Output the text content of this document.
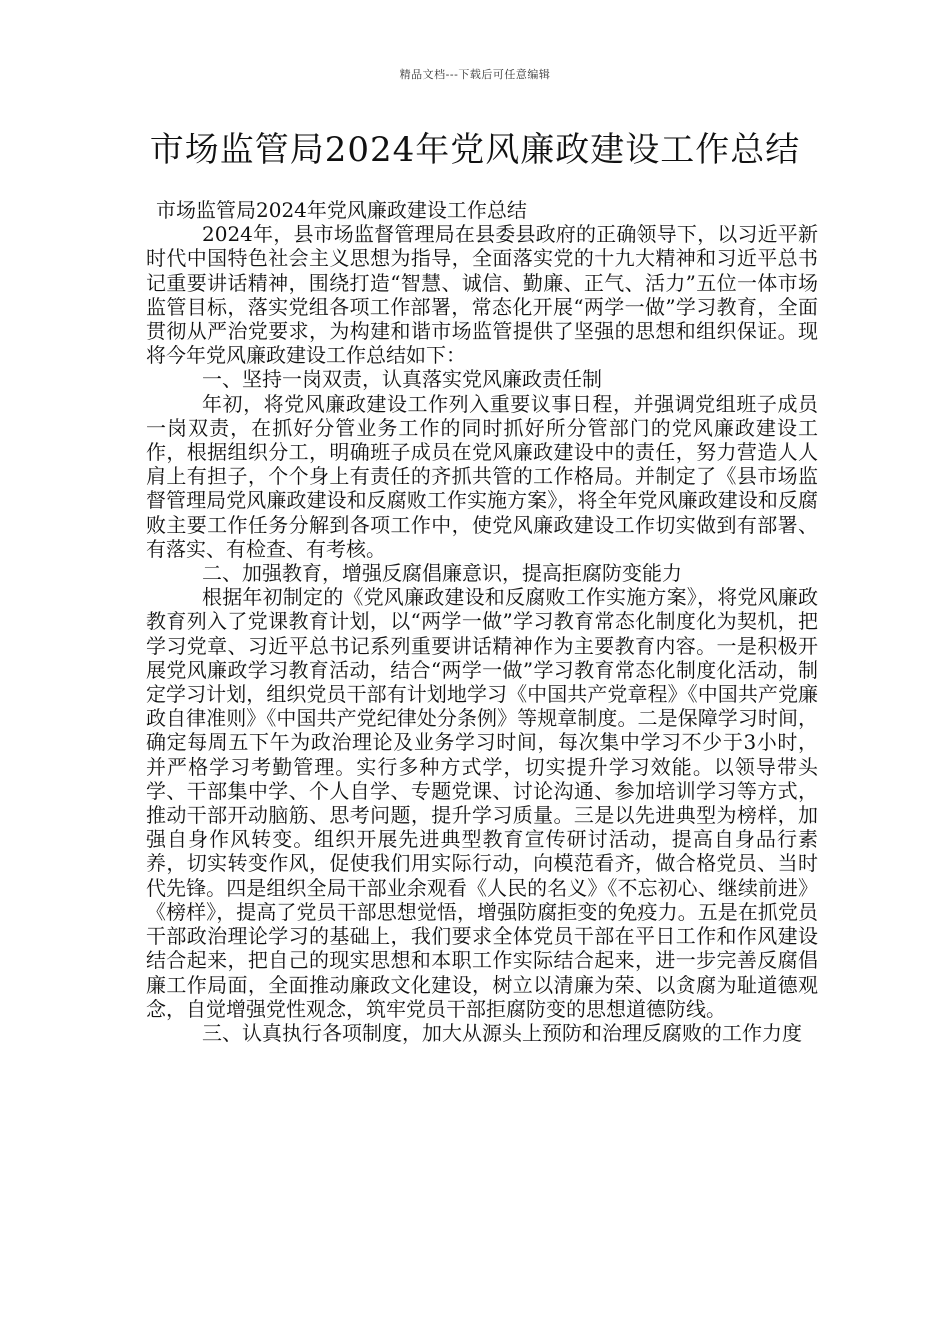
精品文档---下载后可任意编辑
市场监管局2024年党风廉政建设工作总结

市场监管局2024年党风廉政建设工作总结

2024年，县市场监督管理局在县委县政府的正确领导下，以习近平新时代中国特色社会主义思想为指导，全面落实党的十九大精神和习近平总书记重要讲话精神，围绕打造“智慧、诚信、勤廉、正气、活力”五位一体市场监管目标，落实党组各项工作部署，常态化开展“两学一做”学习教育，全面贯彻从严治党要求，为构建和谐市场监管提供了坚强的思想和组织保证。现将今年党风廉政建设工作总结如下：

一、坚持一岗双责，认真落实党风廉政责任制

年初，将党风廉政建设工作列入重要议事日程，并强调党组班子成员一岗双责，在抓好分管业务工作的同时抓好所分管部门的党风廉政建设工作，根据组织分工，明确班子成员在党风廉政建设中的责任，努力营造人人肩上有担子，个个身上有责任的齐抓共管的工作格局。并制定了《县市场监督管理局党风廉政建设和反腐败工作实施方案》，将全年党风廉政建设和反腐败主要工作任务分解到各项工作中，使党风廉政建设工作切实做到有部署、有落实、有检查、有考核。

二、加强教育，增强反腐倡廉意识，提高拒腐防变能力

根据年初制定的《党风廉政建设和反腐败工作实施方案》，将党风廉政教育列入了党课教育计划，以“两学一做”学习教育常态化制度化为契机，把学习党章、习近平总书记系列重要讲话精神作为主要教育内容。一是积极开展党风廉政学习教育活动，结合“两学一做”学习教育常态化制度化活动，制定学习计划，组织党员干部有计划地学习《中国共产党章程》《中国共产党廉政自律准则》《中国共产党纪律处分条例》等规章制度。二是保障学习时间，确定每周五下午为政治理论及业务学习时间，每次集中学习不少于3小时，并严格学习考勤管理。实行多种方式学，切实提升学习效能。以领导带头学、干部集中学、个人自学、专题党课、讨论沟通、参加培训学习等方式，推动干部开动脑筋、思考问题，提升学习质量。三是以先进典型为榜样，加强自身作风转变。组织开展先进典型教育宣传研讨活动，提高自身品行素养，切实转变作风，促使我们用实际行动，向模范看齐，做合格党员、当时代先锋。四是组织全局干部业余观看《人民的名义》《不忘初心、继续前进》《榜样》，提高了党员干部思想觉悟，增强防腐拒变的免疫力。五是在抓党员干部政治理论学习的基础上，我们要求全体党员干部在平日工作和作风建设结合起来，把自己的现实思想和本职工作实际结合起来，进一步完善反腐倡廉工作局面，全面推动廉政文化建设，树立以清廉为荣、以贪腐为耻道德观念，自觉增强党性观念，筑牢党员干部拒腐防变的思想道德防线。

三、认真执行各项制度，加大从源头上预防和治理反腐败的工作力度
